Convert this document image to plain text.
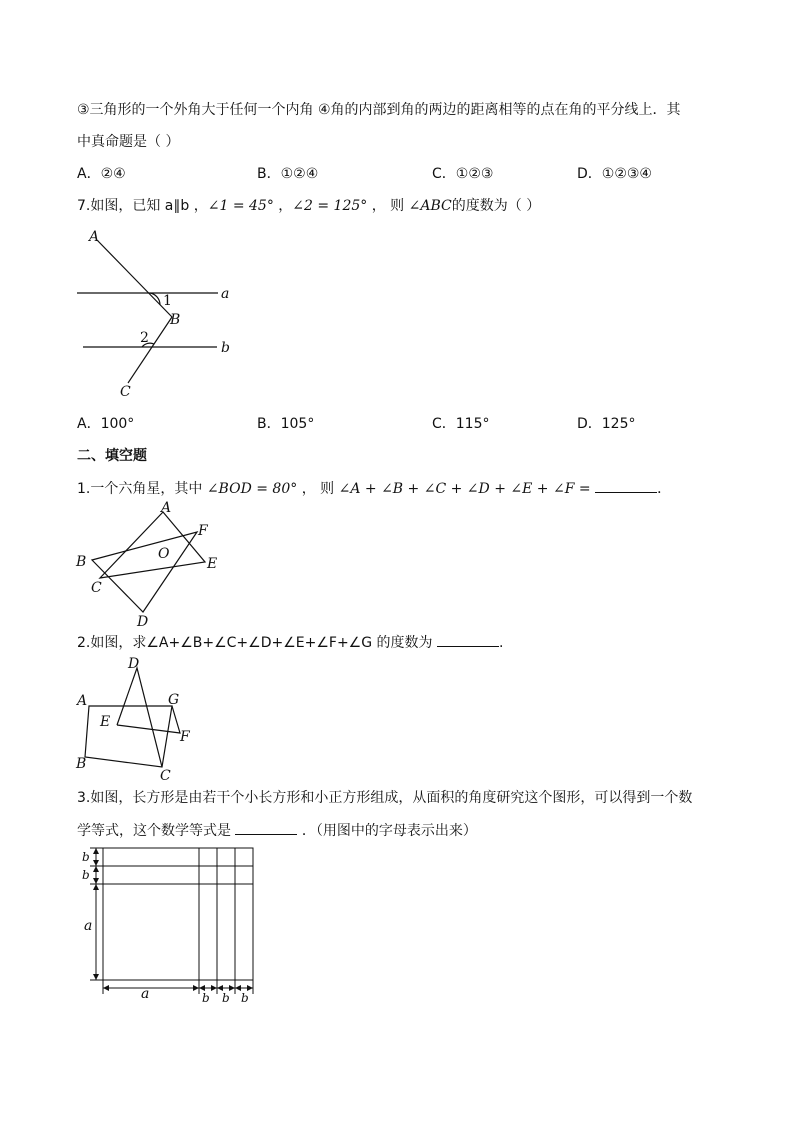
③三角形的一个外角大于任何一个内角 ④角的内部到角的两边的距离相等的点在角的平分线上．其
中真命题是（ ）
A．②④	B．①②④	C．①②③	D．①②③④
7.如图，已知 a∥b ，∠1 = 45° ，∠2 = 125° ， 则 ∠ABC的度数为（ ）
A
a
1
B
2
b
C
A．100°	B．105°	C．115°	D．125°
二、填空题
1.一个六角星，其中 ∠BOD = 80° ， 则 ∠A + ∠B + ∠C + ∠D + ∠E + ∠F =	．
A
F
B	O
E
C
D
2.如图，求∠A+∠B+∠C+∠D+∠E+∠F+∠G 的度数为	.
D
A	G
E
F
B
C
3.如图，长方形是由若干个小长方形和小正方形组成，从面积的角度研究这个图形，可以得到一个数
学等式，这个数学等式是	．（用图中的字母表示出来）
b
b
a
a	b b b
